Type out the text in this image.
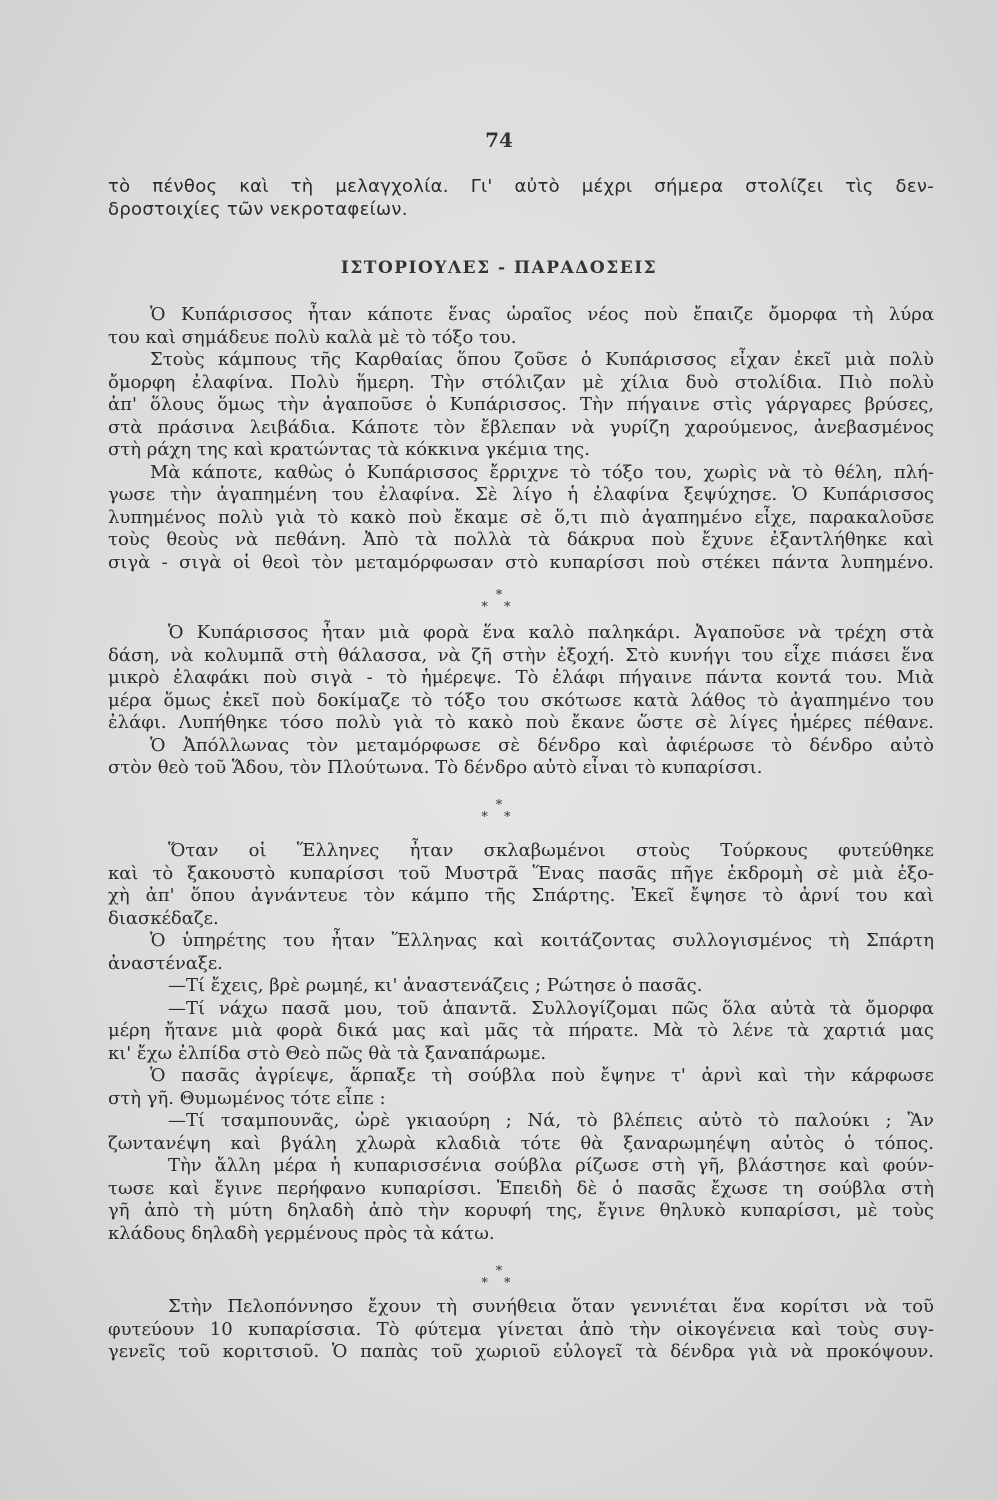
74
τὸ πένθος καὶ τὴ μελαγχολία. Γι' αὐτὸ μέχρι σήμερα στολίζει τὶς δεν-
δροστοιχίες τῶν νεκροταφείων.
ΙΣΤΟΡΙΟΥΛΕΣ - ΠΑΡΑΔΟΣΕΙΣ
Ὁ Κυπάρισσος ἦταν κάποτε ἕνας ὡραῖος νέος ποὺ ἔπαιζε ὄμορφα τὴ λύρα
του καὶ σημάδευε πολὺ καλὰ μὲ τὸ τόξο του.
Στοὺς κάμπους τῆς Καρθαίας ὅπου ζοῦσε ὁ Κυπάρισσος εἶχαν ἐκεῖ μιὰ πολὺ
ὄμορφη ἐλαφίνα. Πολὺ ἥμερη. Τὴν στόλιζαν μὲ χίλια δυὸ στολίδια. Πιὸ πολὺ
ἀπ' ὅλους ὅμως τὴν ἀγαποῦσε ὁ Κυπάρισσος. Τὴν πήγαινε στὶς γάργαρες βρύσες,
στὰ πράσινα λειβάδια. Κάποτε τὸν ἔβλεπαν νὰ γυρίζη χαρούμενος, ἀνεβασμένος
στὴ ράχη της καὶ κρατώντας τὰ κόκκινα γκέμια της.
Μὰ κάποτε, καθὼς ὁ Κυπάρισσος ἔρριχνε τὸ τόξο του, χωρὶς νὰ τὸ θέλη, πλή-
γωσε τὴν ἀγαπημένη του ἐλαφίνα. Σὲ λίγο ἡ ἐλαφίνα ξεψύχησε. Ὁ Κυπάρισσος
λυπημένος πολὺ γιὰ τὸ κακὸ ποὺ ἔκαμε σὲ ὅ,τι πιὸ ἀγαπημένο εἶχε, παρακαλοῦσε
τοὺς θεοὺς νὰ πεθάνη. Ἀπὸ τὰ πολλὰ τὰ δάκρυα ποὺ ἔχυνε ἐξαντλήθηκε καὶ
σιγὰ - σιγὰ οἱ θεοὶ τὸν μεταμόρφωσαν στὸ κυπαρίσσι ποὺ στέκει πάντα λυπημένο.
*
* *
Ὁ Κυπάρισσος ἦταν μιὰ φορὰ ἕνα καλὸ παληκάρι. Ἀγαποῦσε νὰ τρέχη στὰ
δάση, νὰ κολυμπᾶ στὴ θάλασσα, νὰ ζῆ στὴν ἐξοχή. Στὸ κυνήγι του εἶχε πιάσει ἕνα
μικρὸ ἐλαφάκι ποὺ σιγὰ - τὸ ἡμέρεψε. Τὸ ἐλάφι πήγαινε πάντα κοντά του. Μιὰ
μέρα ὅμως ἐκεῖ ποὺ δοκίμαζε τὸ τόξο του σκότωσε κατὰ λάθος τὸ ἀγαπημένο του
ἐλάφι. Λυπήθηκε τόσο πολὺ γιὰ τὸ κακὸ ποὺ ἔκανε ὥστε σὲ λίγες ἡμέρες πέθανε.
Ὁ Ἀπόλλωνας τὸν μεταμόρφωσε σὲ δένδρο καὶ ἀφιέρωσε τὸ δένδρο αὐτὸ
στὸν θεὸ τοῦ Ἅδου, τὸν Πλούτωνα. Τὸ δένδρο αὐτὸ εἶναι τὸ κυπαρίσσι.
*
* *
Ὅταν οἱ Ἕλληνες ἦταν σκλαβωμένοι στοὺς Τούρκους φυτεύθηκε
καὶ τὸ ξακουστὸ κυπαρίσσι τοῦ Μυστρᾶ Ἕνας πασᾶς πῆγε ἐκδρομὴ σὲ μιὰ ἐξο-
χὴ ἀπ' ὅπου ἀγνάντευε τὸν κάμπο τῆς Σπάρτης. Ἐκεῖ ἔψησε τὸ ἀρνί του καὶ
διασκέδαζε.
Ὁ ὑπηρέτης του ἦταν Ἕλληνας καὶ κοιτάζοντας συλλογισμένος τὴ Σπάρτη
ἀναστέναξε.
—Τί ἔχεις, βρὲ ρωμηέ, κι' ἀναστενάζεις ; Ρώτησε ὁ πασᾶς.
—Τί νάχω πασᾶ μου, τοῦ ἀπαντᾶ. Συλλογίζομαι πῶς ὅλα αὐτὰ τὰ ὄμορφα
μέρη ἤτανε μιὰ φορὰ δικά μας καὶ μᾶς τὰ πήρατε. Μὰ τὸ λένε τὰ χαρτιά μας
κι' ἔχω ἐλπίδα στὸ Θεὸ πῶς θὰ τὰ ξαναπάρωμε.
Ὁ πασᾶς ἀγρίεψε, ἅρπαξε τὴ σούβλα ποὺ ἔψηνε τ' ἀρνὶ καὶ τὴν κάρφωσε
στὴ γῆ. Θυμωμένος τότε εἶπε :
—Τί τσαμπουνᾶς, ὠρὲ γκιαούρη ; Νά, τὸ βλέπεις αὐτὸ τὸ παλούκι ; Ἂν
ζωντανέψη καὶ βγάλη χλωρὰ κλαδιὰ τότε θὰ ξαναρωμηέψη αὐτὸς ὁ τόπος.
Τὴν ἄλλη μέρα ἡ κυπαρισσένια σούβλα ρίζωσε στὴ γῆ, βλάστησε καὶ φούν-
τωσε καὶ ἔγινε περήφανο κυπαρίσσι. Ἐπειδὴ δὲ ὁ πασᾶς ἔχωσε τη σούβλα στὴ
γῆ ἀπὸ τὴ μύτη δηλαδὴ ἀπὸ τὴν κορυφή της, ἔγινε θηλυκὸ κυπαρίσσι, μὲ τοὺς
κλάδους δηλαδὴ γερμένους πρὸς τὰ κάτω.
*
* *
Στὴν Πελοπόννησο ἔχουν τὴ συνήθεια ὅταν γεννιέται ἕνα κορίτσι νὰ τοῦ
φυτεύουν 10 κυπαρίσσια. Τὸ φύτεμα γίνεται ἀπὸ τὴν οἰκογένεια καὶ τοὺς συγ-
γενεῖς τοῦ κοριτσιοῦ. Ὁ παπὰς τοῦ χωριοῦ εὐλογεῖ τὰ δένδρα γιὰ νὰ προκόψουν.
